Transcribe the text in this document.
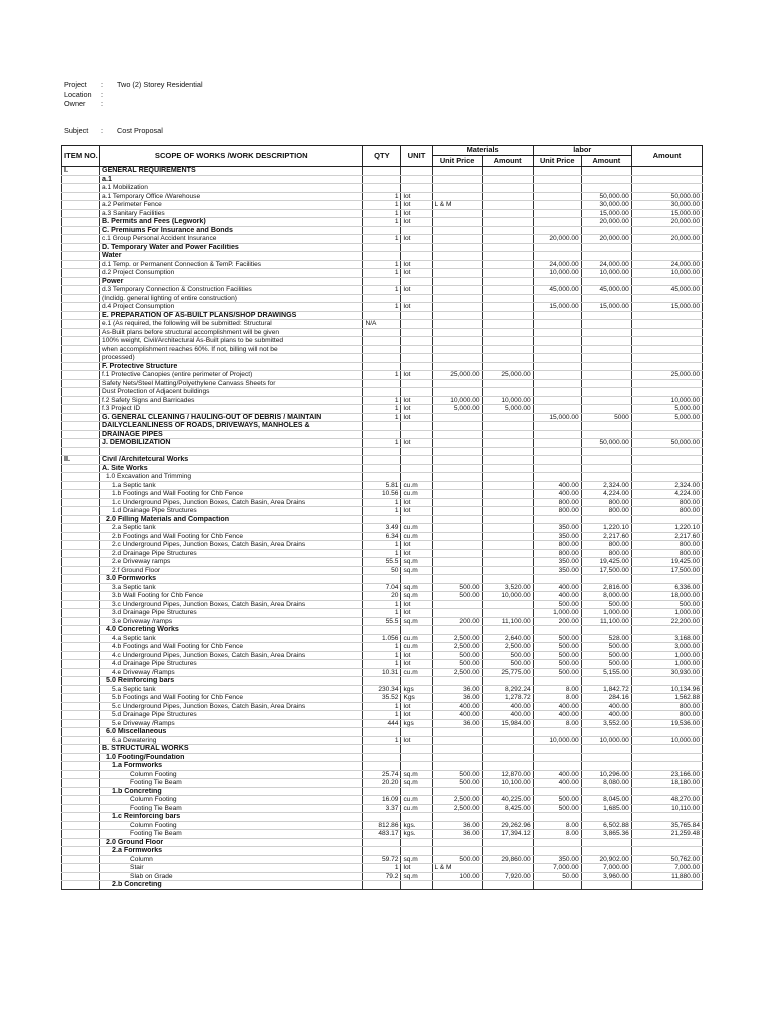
Project : Two (2) Storey Residential
Location :
Owner :
Subject : Cost Proposal
ITEM NO.	SCOPE OF WORKS /WORK DESCRIPTION	QTY	UNIT	Materials		labor		Amount
				Unit Price	Amount	Unit Price	Amount	
I.	GENERAL REQUIREMENTS							
	a.1							
	a.1 Mobilization							
	a.1 Temporary Office /Warehouse	1	lot				50,000.00	50,000.00
	a.2 Perimeter Fence	1	lot	L & M			30,000.00	30,000.00
	a.3 Sanitary Facilities	1	lot				15,000.00	15,000.00
	B. Permits and Fees (Legwork)	1	lot				20,000.00	20,000.00
	C. Premiums For Insurance and Bonds							
	c.1 Group Personal Accident Insurance	1	lot			20,000.00	20,000.00	20,000.00
	D. Temporary Water and Power Facilities							
	Water							
	d.1 Temp. or Permanent Connection & TemP. Facilities	1	lot			24,000.00	24,000.00	24,000.00
	d.2 Project Consumption	1	lot			10,000.00	10,000.00	10,000.00
	Power							
	d.3 Temporary Connection & Construction Facilities	1	lot			45,000.00	45,000.00	45,000.00
	(Inclidg. general lighting of entire construction)							
	d.4 Project Consumption	1	lot			15,000.00	15,000.00	15,000.00
	E. PREPARATION OF AS-BUILT PLANS/SHOP DRAWINGS							
	e.1 (As required, the following will be submitted: Structural	N/A						
	As-Built plans before structural accomplishment will be given							
	100% weight, Civil/Architectural As-Built plans to be submitted							
	when accomplishment reaches 60%. If not, billing will not be							
	processed)							
	F. Protective Structure							
	f.1 Protective Canopies (entire perimeter of Project)	1	lot	25,000.00	25,000.00			25,000.00
	Safety Nets/Steel Matting/Polyethylene Canvass Sheets for							
	Dust Protection of Adjacent buildings							
	f.2 Safety Signs and Barricades	1	lot	10,000.00	10,000.00			10,000.00
	f.3 Project ID	1	lot	5,000.00	5,000.00			5,000.00
	G. GENERAL CLEANING / HAULING-OUT OF DEBRIS / MAINTAIN	1	lot			15,000.00	5000	5,000.00
	DAILYCLEANLINESS OF ROADS, DRIVEWAYS, MANHOLES &							
	DRAINAGE PIPES							
	J. DEMOBILIZATION	1	lot				50,000.00	50,000.00

II.	Civil /Architetcural Works							
	A. Site Works							
	1.0 Excavation and Trimming							
	1.a Septic tank	5.81	cu.m			400.00	2,324.00	2,324.00
	1.b Footings and Wall Footing for Chb Fence	10.56	cu.m			400.00	4,224.00	4,224.00
	1.c Underground Pipes, Junction Boxes, Catch Basin, Area Drains	1	lot			800.00	800.00	800.00
	1.d Drainage Pipe Structures	1	lot			800.00	800.00	800.00
	2.0 Filling Materials and Compaction							
	2.a Septic tank	3.49	cu.m			350.00	1,220.10	1,220.10
	2.b Footings and Wall Footing for Chb Fence	6.34	cu.m			350.00	2,217.60	2,217.60
	2.c Underground Pipes, Junction Boxes, Catch Basin, Area Drains	1	lot			800.00	800.00	800.00
	2.d Drainage Pipe Structures	1	lot			800.00	800.00	800.00
	2.e Driveway ramps	55.5	sq.m			350.00	19,425.00	19,425.00
	2.f Ground Floor	50	sq.m			350.00	17,500.00	17,500.00
	3.0 Formworks							
	3.a Septic tank	7.04	sq.m	500.00	3,520.00	400.00	2,816.00	6,336.00
	3.b Wall Footing for Chb Fence	20	sq.m	500.00	10,000.00	400.00	8,000.00	18,000.00
	3.c Underground Pipes, Junction Boxes, Catch Basin, Area Drains	1	lot			500.00	500.00	500.00
	3.d Drainage Pipe Structures	1	lot			1,000.00	1,000.00	1,000.00
	3.e Driveway /ramps	55.5	sq.m	200.00	11,100.00	200.00	11,100.00	22,200.00
	4.0 Concreting Works							
	4.a Septic tank	1.056	cu.m	2,500.00	2,640.00	500.00	528.00	3,168.00
	4.b Footings and Wall Footing for Chb Fence	1	cu.m	2,500.00	2,500.00	500.00	500.00	3,000.00
	4.c Underground Pipes, Junction Boxes, Catch Basin, Area Drains	1	lot	500.00	500.00	500.00	500.00	1,000.00
	4.d Drainage Pipe Structures	1	lot	500.00	500.00	500.00	500.00	1,000.00
	4.e Driveway /Ramps	10.31	cu.m	2,500.00	25,775.00	500.00	5,155.00	30,930.00
	5.0 Reinforcing bars							
	5.a Septic tank	230.34	kgs	36.00	8,292.24	8.00	1,842.72	10,134.96
	5.b Footings and Wall Footing for Chb Fence	35.52	Kgs	36.00	1,278.72	8.00	284.16	1,562.88
	5.c Underground Pipes, Junction Boxes, Catch Basin, Area Drains	1	lot	400.00	400.00	400.00	400.00	800.00
	5.d Drainage Pipe Structures	1	lot	400.00	400.00	400.00	400.00	800.00
	5.e Driveway /Ramps	444	kgs	36.00	15,984.00	8.00	3,552.00	19,536.00
	6.0 Miscellaneous							
	6.a Dewatering	1	lot			10,000.00	10,000.00	10,000.00
	B. STRUCTURAL WORKS							
	1.0 Footing/Foundation							
	1.a Formworks							
	Column Footing	25.74	sq.m	500.00	12,870.00	400.00	10,296.00	23,166.00
	Footing Tie Beam	20.20	sq.m	500.00	10,100.00	400.00	8,080.00	18,180.00
	1.b Concreting							
	Column Footing	16.09	cu.m	2,500.00	40,225.00	500.00	8,045.00	48,270.00
	Footing Tie Beam	3.37	cu.m	2,500.00	8,425.00	500.00	1,685.00	10,110.00
	1.c Reinforcing bars							
	Column Footing	812.86	kgs.	36.00	29,262.96	8.00	6,502.88	35,765.84
	Footing Tie Beam	483.17	kgs.	36.00	17,394.12	8.00	3,865.36	21,259.48
	2.0 Ground Floor							
	2.a Formworks							
	Column	59.72	sq.m	500.00	29,860.00	350.00	20,902.00	50,762.00
	Stair	1	lot	L & M		7,000.00	7,000.00	7,000.00
	Slab on Grade	79.2	sq.m	100.00	7,920.00	50.00	3,960.00	11,880.00
	2.b Concreting							
